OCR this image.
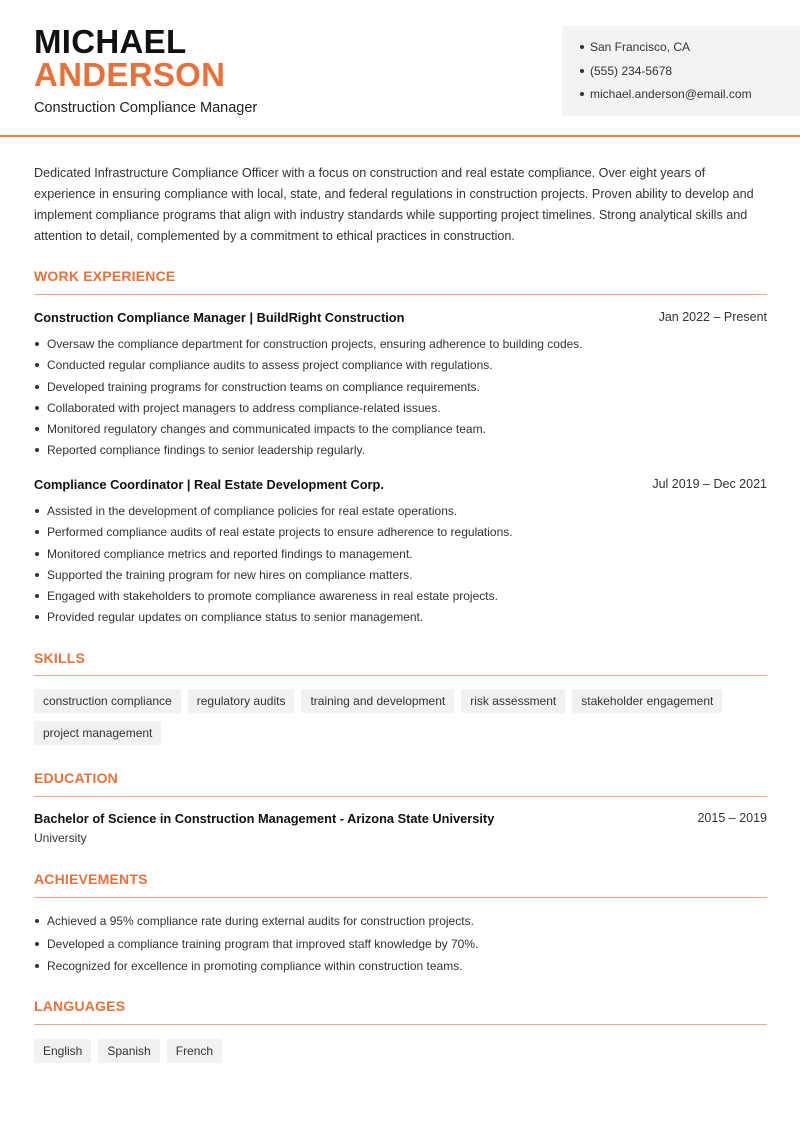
MICHAEL
ANDERSON
Construction Compliance Manager
San Francisco, CA
(555) 234-5678
michael.anderson@email.com
Dedicated Infrastructure Compliance Officer with a focus on construction and real estate compliance. Over eight years of experience in ensuring compliance with local, state, and federal regulations in construction projects. Proven ability to develop and implement compliance programs that align with industry standards while supporting project timelines. Strong analytical skills and attention to detail, complemented by a commitment to ethical practices in construction.
WORK EXPERIENCE
Construction Compliance Manager | BuildRight Construction	Jan 2022 – Present
Oversaw the compliance department for construction projects, ensuring adherence to building codes.
Conducted regular compliance audits to assess project compliance with regulations.
Developed training programs for construction teams on compliance requirements.
Collaborated with project managers to address compliance-related issues.
Monitored regulatory changes and communicated impacts to the compliance team.
Reported compliance findings to senior leadership regularly.
Compliance Coordinator | Real Estate Development Corp.	Jul 2019 – Dec 2021
Assisted in the development of compliance policies for real estate operations.
Performed compliance audits of real estate projects to ensure adherence to regulations.
Monitored compliance metrics and reported findings to management.
Supported the training program for new hires on compliance matters.
Engaged with stakeholders to promote compliance awareness in real estate projects.
Provided regular updates on compliance status to senior management.
SKILLS
construction compliance	regulatory audits	training and development	risk assessment	stakeholder engagement
project management
EDUCATION
Bachelor of Science in Construction Management - Arizona State University	2015 – 2019
University
ACHIEVEMENTS
Achieved a 95% compliance rate during external audits for construction projects.
Developed a compliance training program that improved staff knowledge by 70%.
Recognized for excellence in promoting compliance within construction teams.
LANGUAGES
English	Spanish	French
